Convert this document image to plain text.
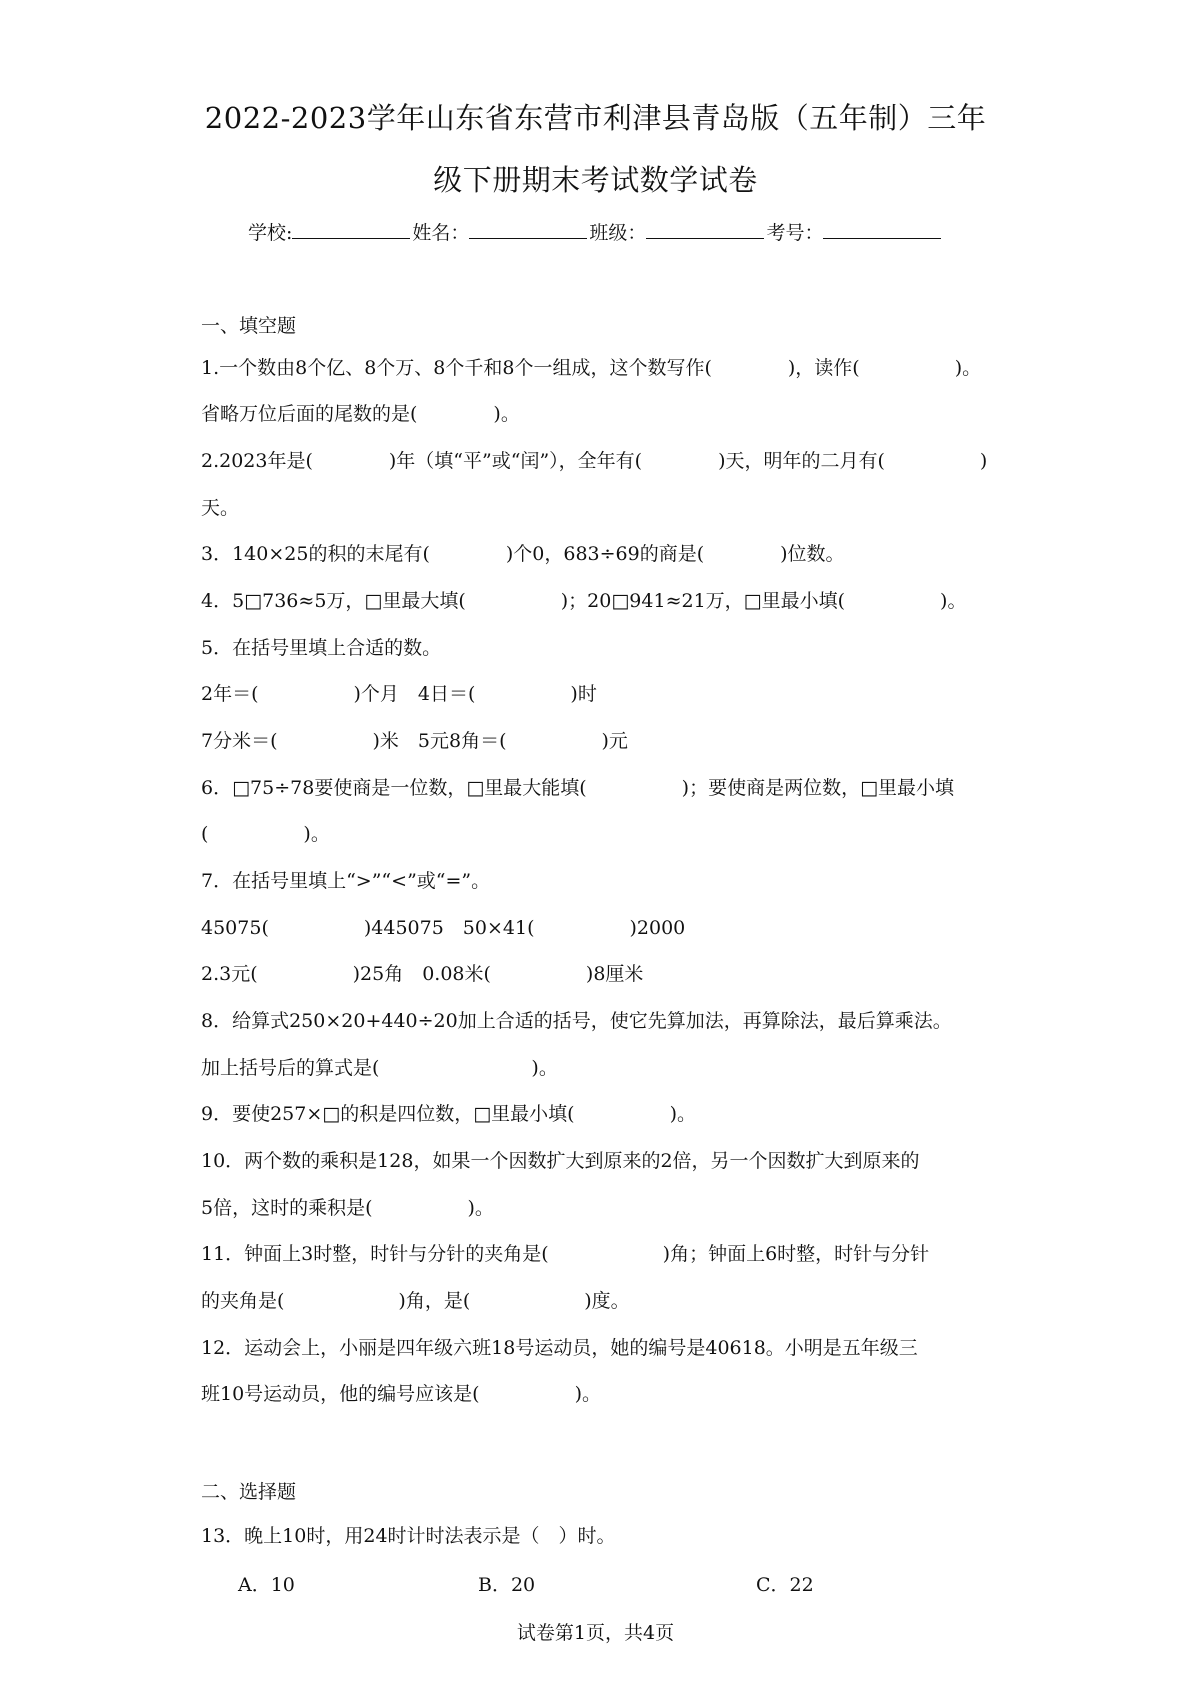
2022-2023学年山东省东营市利津县青岛版（五年制）三年
级下册期末考试数学试卷
学校:	姓名：	班级：	考号：
一、填空题
1.一个数由8个亿、8个万、8个千和8个一组成，这个数写作(　　　　)，读作(　　　　　)。
省略万位后面的尾数的是(　　　　)。
2.2023年是(　　　　)年（填“平”或“闰”），全年有(　　　　)天，明年的二月有(　　　　　)
天。
3．140×25的积的末尾有(　　　　)个0，683÷69的商是(　　　　)位数。
4．5□736≈5万，□里最大填(　　　　　)；20□941≈21万，□里最小填(　　　　　)。
5．在括号里填上合适的数。
2年＝(　　　　　)个月　4日＝(　　　　　)时
7分米＝(　　　　　)米　5元8角＝(　　　　　)元
6．□75÷78要使商是一位数，□里最大能填(　　　　　)；要使商是两位数，□里最小填
(　　　　　)。
7．在括号里填上“>”“<”或“=”。
45075(　　　　　)445075　50×41(　　　　　)2000
2.3元(　　　　　)25角　0.08米(　　　　　)8厘米
8．给算式250×20+440÷20加上合适的括号，使它先算加法，再算除法，最后算乘法。
加上括号后的算式是(　　　　　　　　)。
9．要使257×□的积是四位数，□里最小填(　　　　　)。
10．两个数的乘积是128，如果一个因数扩大到原来的2倍，另一个因数扩大到原来的
5倍，这时的乘积是(　　　　　)。
11．钟面上3时整，时针与分针的夹角是(　　　　　　)角；钟面上6时整，时针与分针
的夹角是(　　　　　　)角，是(　　　　　　)度。
12．运动会上，小丽是四年级六班18号运动员，她的编号是40618。小明是五年级三
班10号运动员，他的编号应该是(　　　　　)。
二、选择题
13．晚上10时，用24时计时法表示是（　）时。
A．10	B．20	C．22
试卷第1页，共4页
